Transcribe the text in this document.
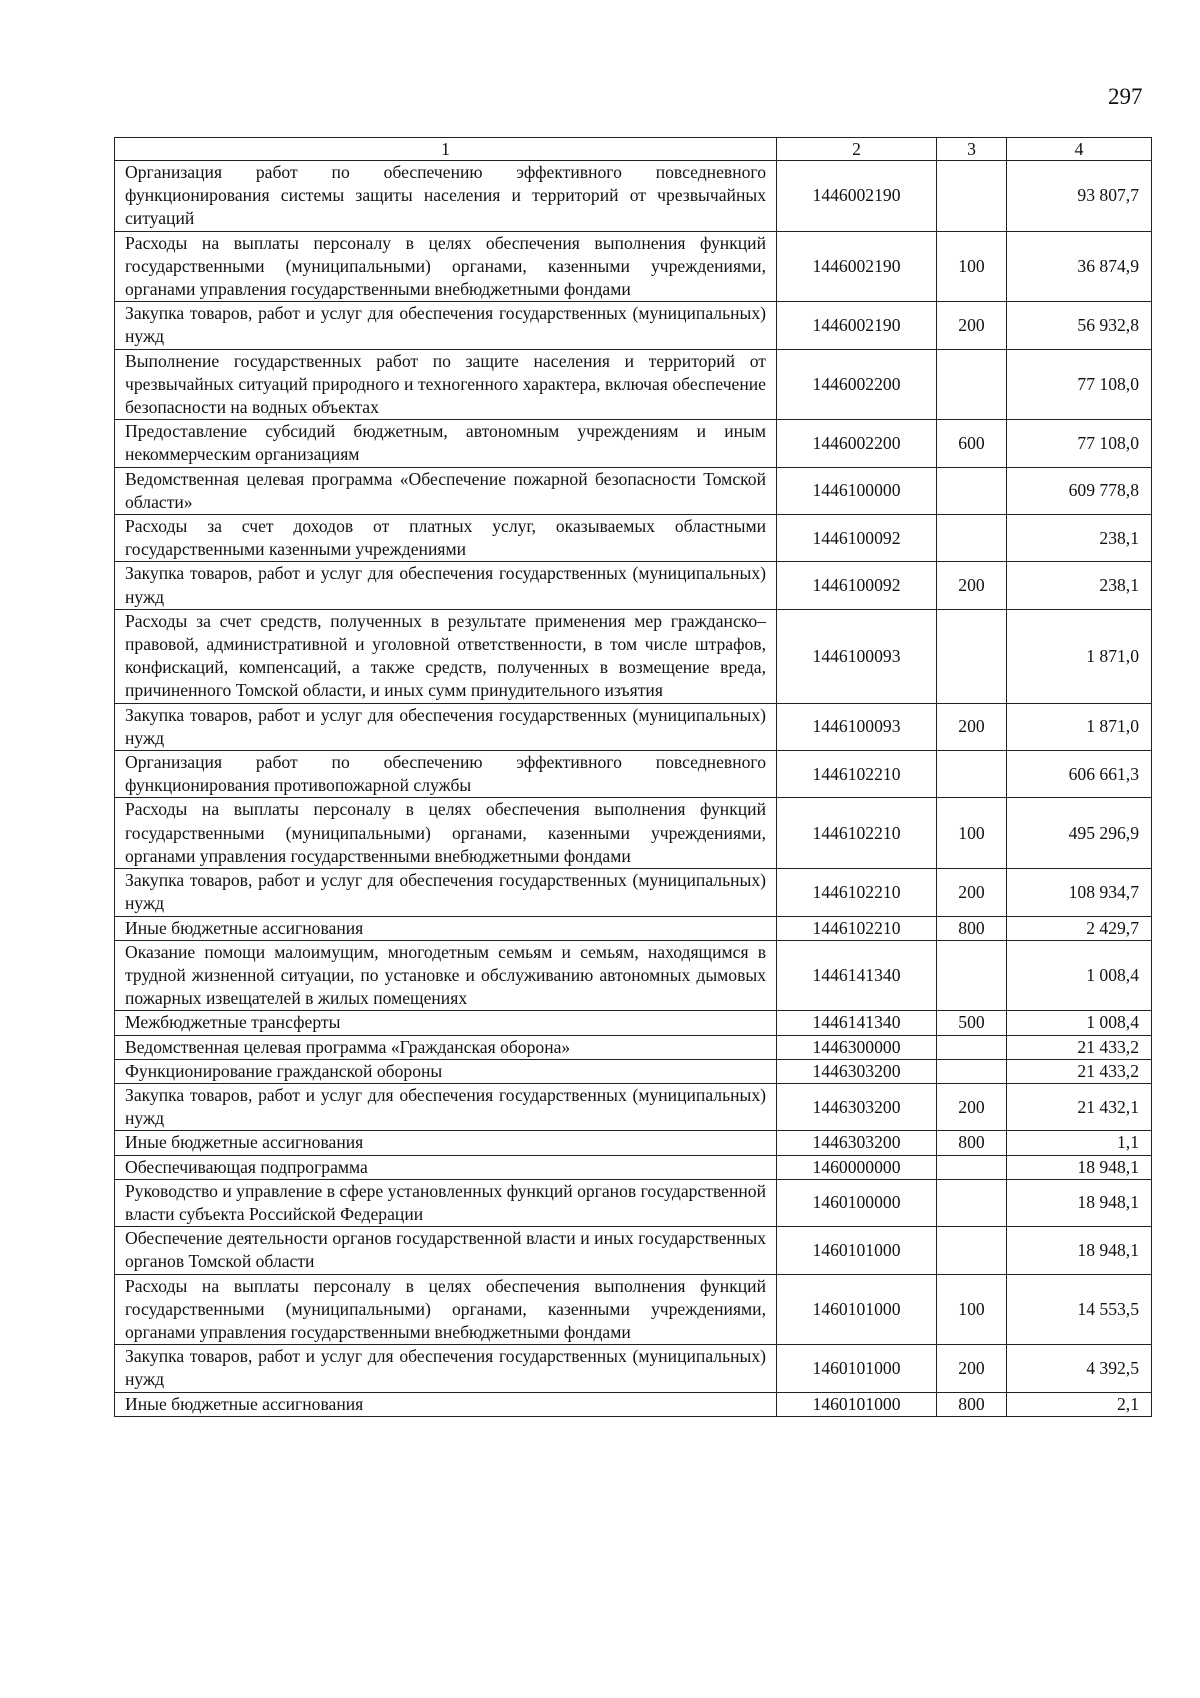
297
1	2	3	4
Организация работ по обеспечению эффективного повседневного функционирования системы защиты населения и территорий от чрезвычайных ситуаций	1446002190		93 807,7
Расходы на выплаты персоналу в целях обеспечения выполнения функций государственными (муниципальными) органами, казенными учреждениями, органами управления государственными внебюджетными фондами	1446002190	100	36 874,9
Закупка товаров, работ и услуг для обеспечения государственных (муниципальных) нужд	1446002190	200	56 932,8
Выполнение государственных работ по защите населения и территорий от чрезвычайных ситуаций природного и техногенного характера, включая обеспечение безопасности на водных объектах	1446002200		77 108,0
Предоставление субсидий бюджетным, автономным учреждениям и иным некоммерческим организациям	1446002200	600	77 108,0
Ведомственная целевая программа «Обеспечение пожарной безопасности Томской области»	1446100000		609 778,8
Расходы за счет доходов от платных услуг, оказываемых областными государственными казенными учреждениями	1446100092		238,1
Закупка товаров, работ и услуг для обеспечения государственных (муниципальных) нужд	1446100092	200	238,1
Расходы за счет средств, полученных в результате применения мер гражданско–правовой, административной и уголовной ответственности, в том числе штрафов, конфискаций, компенсаций, а также средств, полученных в возмещение вреда, причиненного Томской области, и иных сумм принудительного изъятия	1446100093		1 871,0
Закупка товаров, работ и услуг для обеспечения государственных (муниципальных) нужд	1446100093	200	1 871,0
Организация работ по обеспечению эффективного повседневного функционирования противопожарной службы	1446102210		606 661,3
Расходы на выплаты персоналу в целях обеспечения выполнения функций государственными (муниципальными) органами, казенными учреждениями, органами управления государственными внебюджетными фондами	1446102210	100	495 296,9
Закупка товаров, работ и услуг для обеспечения государственных (муниципальных) нужд	1446102210	200	108 934,7
Иные бюджетные ассигнования	1446102210	800	2 429,7
Оказание помощи малоимущим, многодетным семьям и семьям, находящимся в трудной жизненной ситуации, по установке и обслуживанию автономных дымовых пожарных извещателей в жилых помещениях	1446141340		1 008,4
Межбюджетные трансферты	1446141340	500	1 008,4
Ведомственная целевая программа «Гражданская оборона»	1446300000		21 433,2
Функционирование гражданской обороны	1446303200		21 433,2
Закупка товаров, работ и услуг для обеспечения государственных (муниципальных) нужд	1446303200	200	21 432,1
Иные бюджетные ассигнования	1446303200	800	1,1
Обеспечивающая подпрограмма	1460000000		18 948,1
Руководство и управление в сфере установленных функций органов государственной власти субъекта Российской Федерации	1460100000		18 948,1
Обеспечение деятельности органов государственной власти и иных государственных органов Томской области	1460101000		18 948,1
Расходы на выплаты персоналу в целях обеспечения выполнения функций государственными (муниципальными) органами, казенными учреждениями, органами управления государственными внебюджетными фондами	1460101000	100	14 553,5
Закупка товаров, работ и услуг для обеспечения государственных (муниципальных) нужд	1460101000	200	4 392,5
Иные бюджетные ассигнования	1460101000	800	2,1
